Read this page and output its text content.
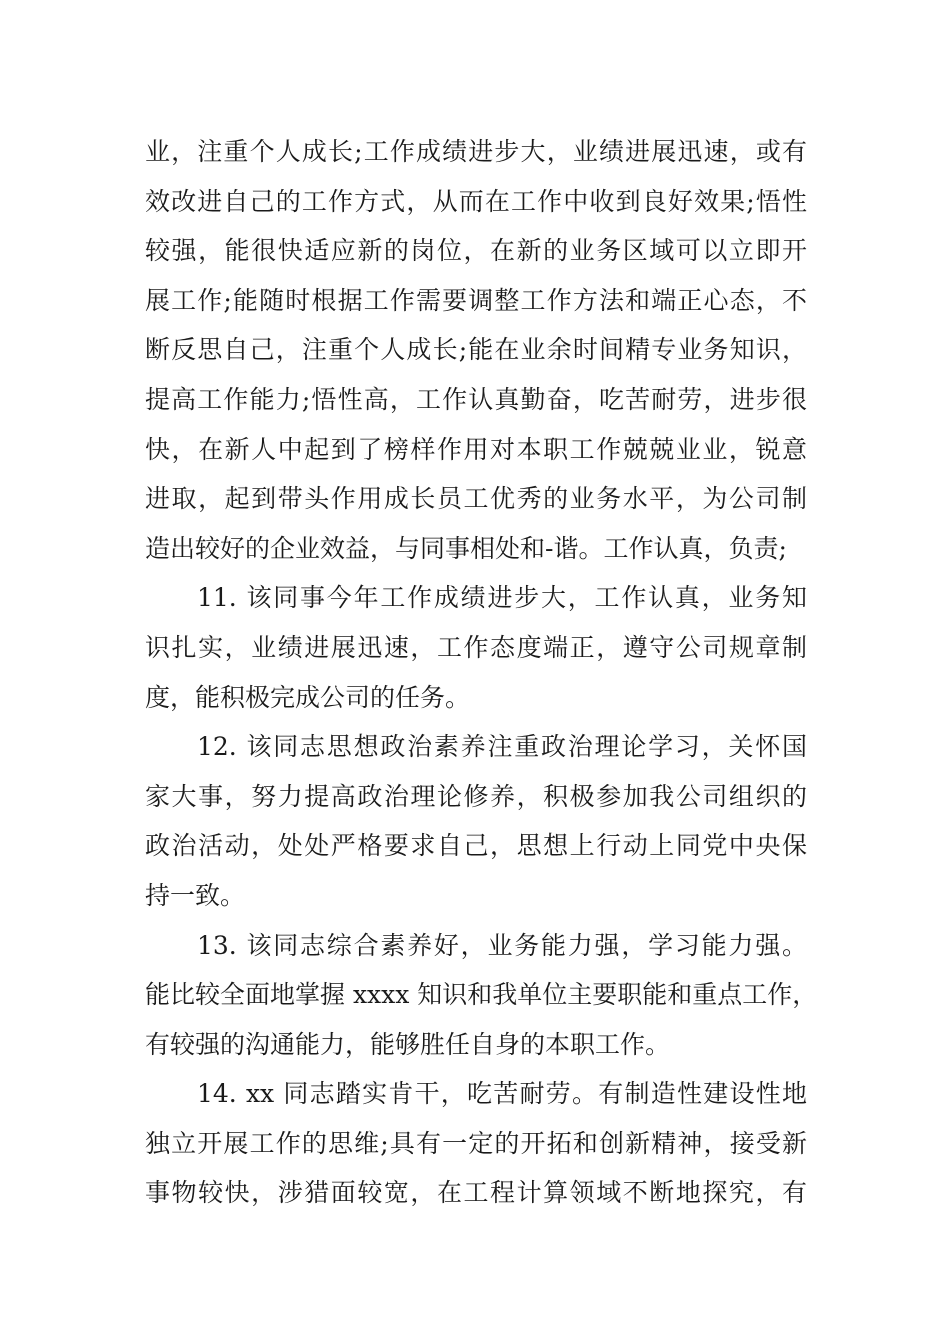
业，注重个人成长;工作成绩进步大，业绩进展迅速，或有
效改进自己的工作方式，从而在工作中收到良好效果;悟性
较强，能很快适应新的岗位，在新的业务区域可以立即开
展工作;能随时根据工作需要调整工作方法和端正心态，不
断反思自己，注重个人成长;能在业余时间精专业务知识，
提高工作能力;悟性高，工作认真勤奋，吃苦耐劳，进步很
快，在新人中起到了榜样作用对本职工作兢兢业业，锐意
进取，起到带头作用成长员工优秀的业务水平，为公司制
造出较好的企业效益，与同事相处和-谐。工作认真，负责;
11. 该同事今年工作成绩进步大，工作认真，业务知
识扎实，业绩进展迅速，工作态度端正，遵守公司规章制
度，能积极完成公司的任务。
12. 该同志思想政治素养注重政治理论学习，关怀国
家大事，努力提高政治理论修养，积极参加我公司组织的
政治活动，处处严格要求自己，思想上行动上同党中央保
持一致。
13. 该同志综合素养好，业务能力强，学习能力强。
能比较全面地掌握 xxxx 知识和我单位主要职能和重点工作，
有较强的沟通能力，能够胜任自身的本职工作。
14. xx 同志踏实肯干，吃苦耐劳。有制造性建设性地
独立开展工作的思维;具有一定的开拓和创新精神，接受新
事物较快，涉猎面较宽，在工程计算领域不断地探究，有
